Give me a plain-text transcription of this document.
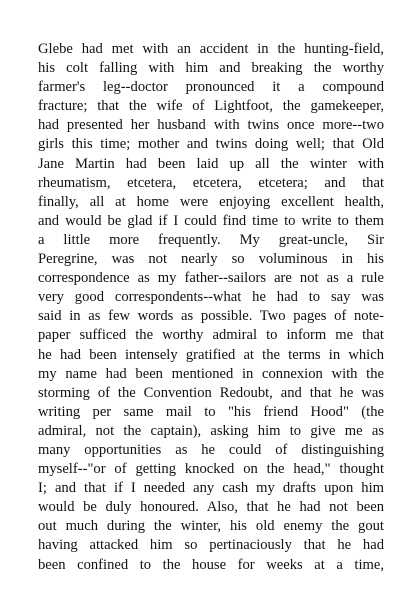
Glebe had met with an accident in the hunting-field,
his colt falling with him and breaking the worthy
farmer's leg--doctor pronounced it a compound
fracture; that the wife of Lightfoot, the gamekeeper,
had presented her husband with twins once more--two
girls this time; mother and twins doing well; that Old
Jane Martin had been laid up all the winter with
rheumatism, etcetera, etcetera, etcetera; and that
finally, all at home were enjoying excellent health,
and would be glad if I could find time to write to them
a little more frequently. My great-uncle, Sir
Peregrine, was not nearly so voluminous in his
correspondence as my father--sailors are not as a rule
very good correspondents--what he had to say was
said in as few words as possible. Two pages of note-
paper sufficed the worthy admiral to inform me that
he had been intensely gratified at the terms in which
my name had been mentioned in connexion with the
storming of the Convention Redoubt, and that he was
writing per same mail to "his friend Hood" (the
admiral, not the captain), asking him to give me as
many opportunities as he could of distinguishing
myself--"or of getting knocked on the head," thought
I; and that if I needed any cash my drafts upon him
would be duly honoured. Also, that he had not been
out much during the winter, his old enemy the gout
having attacked him so pertinaciously that he had
been confined to the house for weeks at a time,
